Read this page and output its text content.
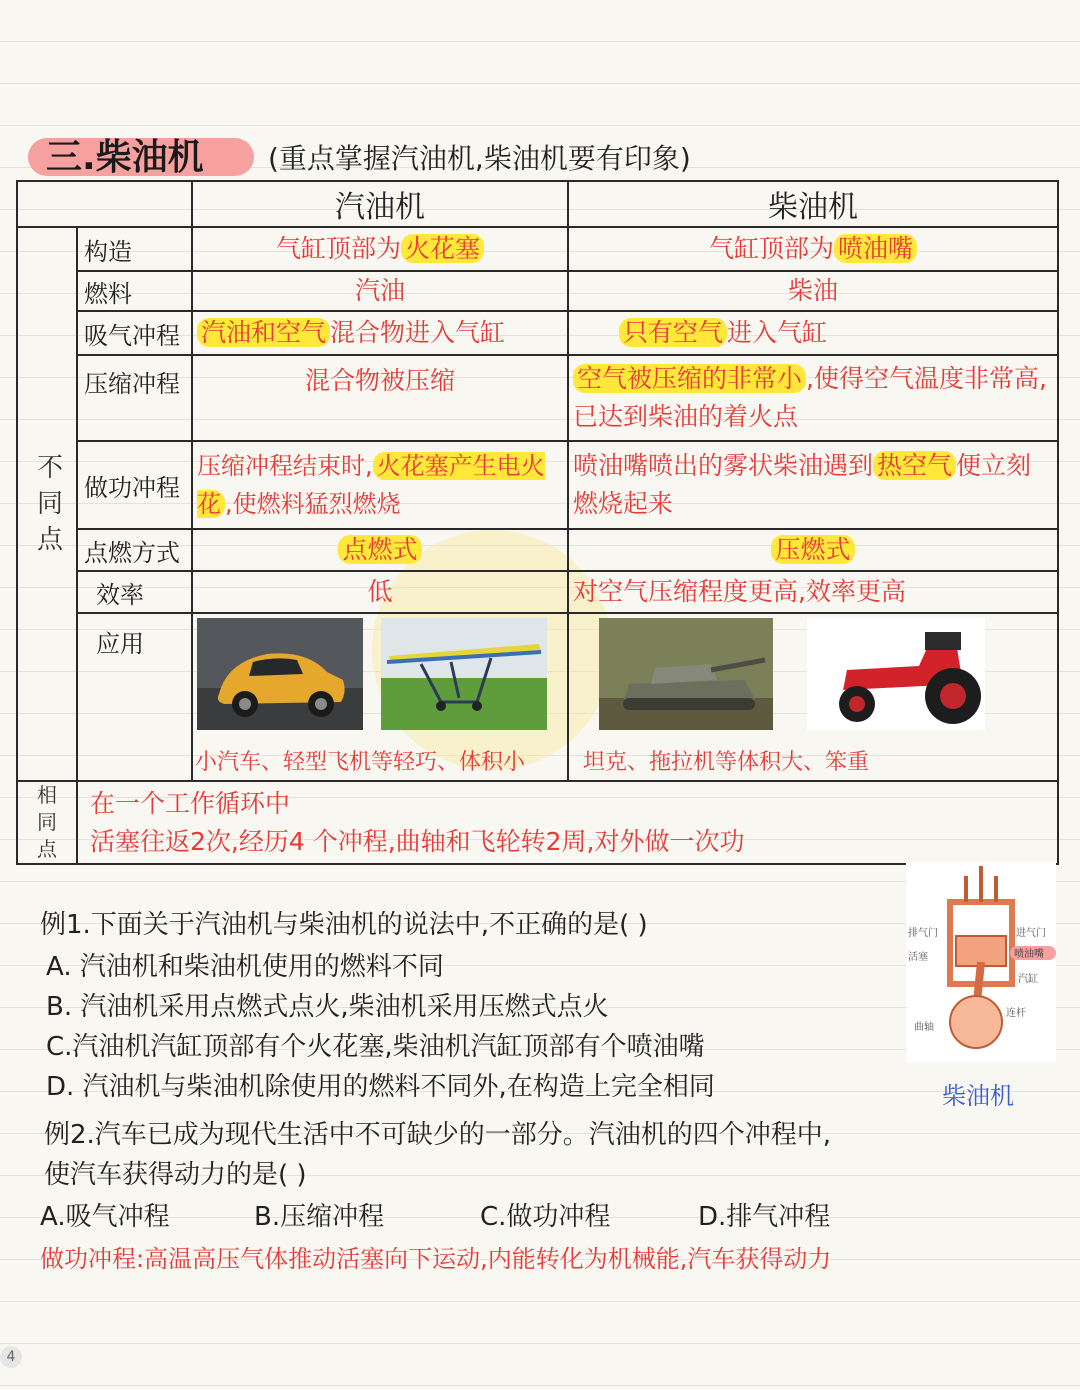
三.柴油机 (重点掌握汽油机,柴油机要有印象)
		汽油机	柴油机
不同点	构造	气缸顶部为 火花塞	气缸顶部为 喷油嘴
	燃料	汽油	柴油
	吸气冲程	汽油和空气 混合物进入气缸	只有空气 进入气缸
	压缩冲程	混合物被压缩	空气被压缩的非常小 ,使得空气温度非常高,已达到柴油的着火点
	做功冲程	压缩冲程结束时, 火花塞产生电火花 ,使燃料猛烈燃烧	喷油嘴喷出的雾状柴油遇到 热空气 便立刻燃烧起来
	点燃方式	点燃式	压燃式
	效率	低	对空气压缩程度更高,效率更高
	应用	小汽车、轻型飞机等轻巧、体积小	坦克、拖拉机等体积大、笨重

相同点	在一个工作循环中
活塞往返2次,经历4 个冲程,曲轴和飞轮转2周,对外做一次功		
例1.下面关于汽油机与柴油机的说法中,不正确的是( )
A. 汽油机和柴油机使用的燃料不同
B. 汽油机采用点燃式点火,柴油机采用压燃式点火
C.汽油机汽缸顶部有个火花塞,柴油机汽缸顶部有个喷油嘴
D. 汽油机与柴油机除使用的燃料不同外,在构造上完全相同
排气门
活塞
进气门
喷油嘴
汽缸
连杆
曲轴
柴油机
例2.汽车已成为现代生活中不可缺少的一部分。汽油机的四个冲程中,
使汽车获得动力的是( )
A.吸气冲程	B.压缩冲程	C.做功冲程	D.排气冲程
做功冲程:高温高压气体推动活塞向下运动,内能转化为机械能,汽车获得动力
4
